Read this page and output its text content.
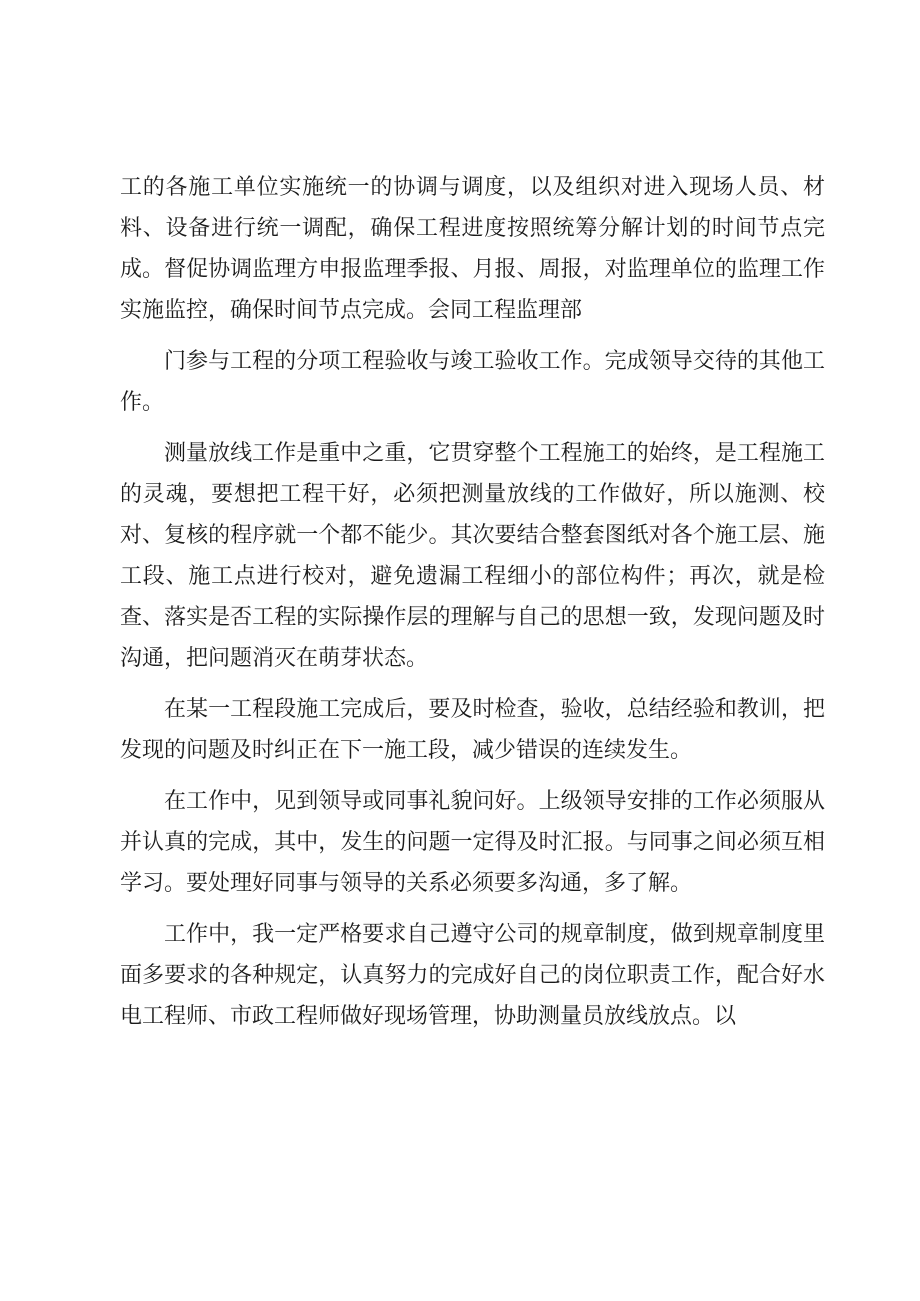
工的各施工单位实施统一的协调与调度，以及组织对进入现场人员、材料、设备进行统一调配，确保工程进度按照统筹分解计划的时间节点完成。督促协调监理方申报监理季报、月报、周报，对监理单位的监理工作实施监控，确保时间节点完成。会同工程监理部

门参与工程的分项工程验收与竣工验收工作。完成领导交待的其他工作。

测量放线工作是重中之重，它贯穿整个工程施工的始终，是工程施工的灵魂，要想把工程干好，必须把测量放线的工作做好，所以施测、校对、复核的程序就一个都不能少。其次要结合整套图纸对各个施工层、施工段、施工点进行校对，避免遗漏工程细小的部位构件；再次，就是检查、落实是否工程的实际操作层的理解与自己的思想一致，发现问题及时沟通，把问题消灭在萌芽状态。

在某一工程段施工完成后，要及时检查，验收，总结经验和教训，把发现的问题及时纠正在下一施工段，减少错误的连续发生。

在工作中，见到领导或同事礼貌问好。上级领导安排的工作必须服从并认真的完成，其中，发生的问题一定得及时汇报。与同事之间必须互相学习。要处理好同事与领导的关系必须要多沟通，多了解。

工作中，我一定严格要求自己遵守公司的规章制度，做到规章制度里面多要求的各种规定，认真努力的完成好自己的岗位职责工作，配合好水电工程师、市政工程师做好现场管理，协助测量员放线放点。以
